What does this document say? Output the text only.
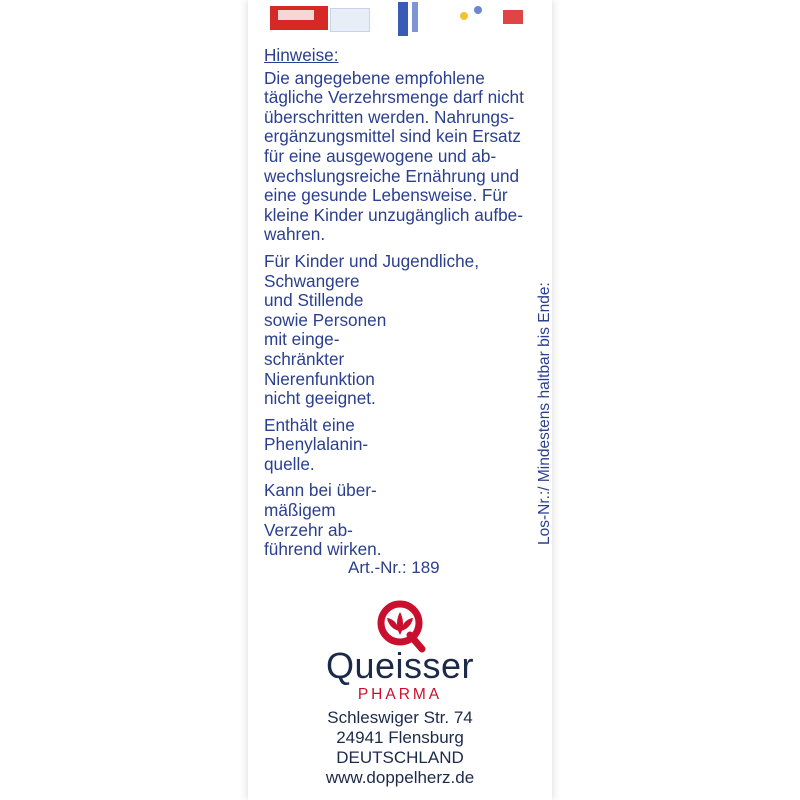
Hinweise:
Die angegebene empfohlene
tägliche Verzehrsmenge darf nicht
überschritten werden. Nahrungs-
ergänzungsmittel sind kein Ersatz
für eine ausgewogene und ab-
wechslungsreiche Ernährung und
eine gesunde Lebensweise. Für
kleine Kinder unzugänglich aufbe-
wahren.
Für Kinder und Jugendliche,
Schwangere
und Stillende
sowie Personen
mit einge-
schränkter
Nierenfunktion
nicht geeignet.
Enthält eine
Phenylalanin-
quelle.
Kann bei über-
mäßigem
Verzehr ab-
führend wirken.
Art.-Nr.: 189
Los-Nr.:/ Mindestens haltbar bis Ende:
Queisser
PHARMA
Schleswiger Str. 74
24941 Flensburg
DEUTSCHLAND
www.doppelherz.de
